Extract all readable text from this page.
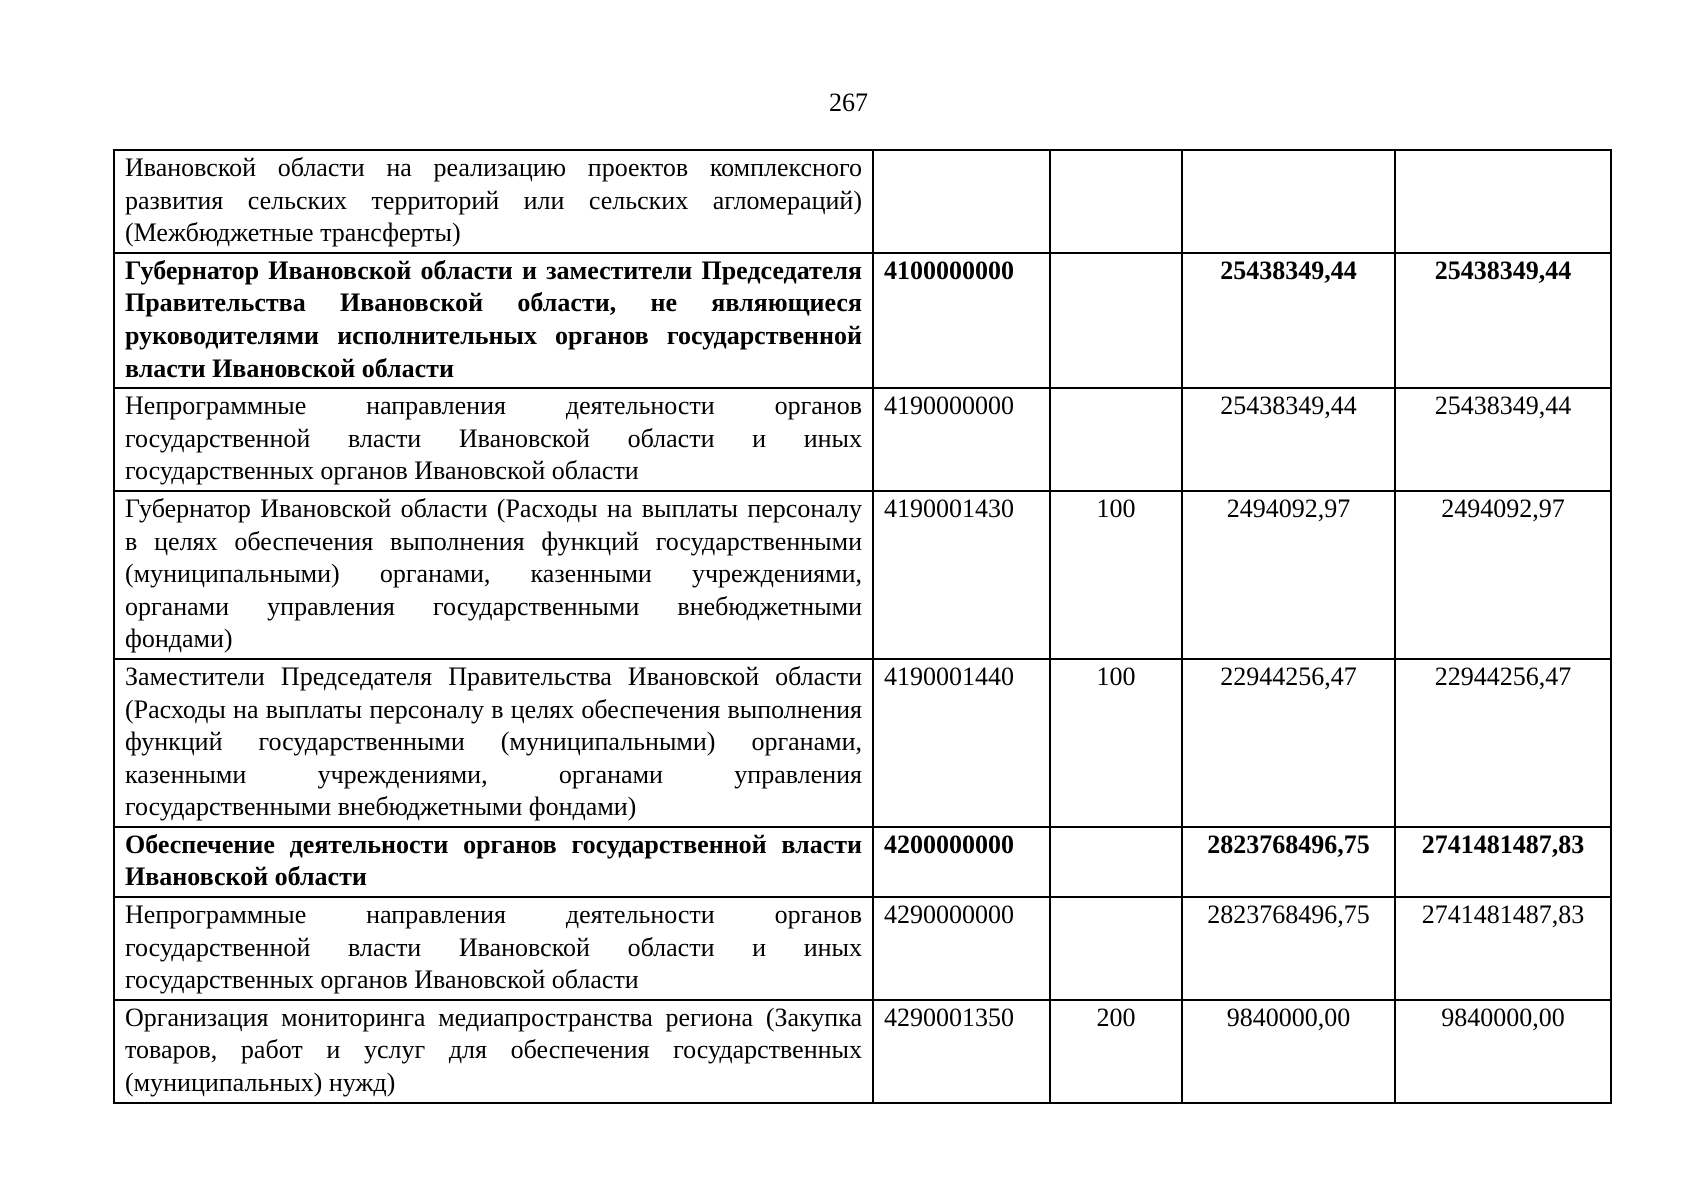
267
Ивановской области на реализацию проектов комплексного развития сельских территорий или сельских агломераций) (Межбюджетные трансферты)				
Губернатор Ивановской области и заместители Председателя Правительства Ивановской области, не являющиеся руководителями исполнительных органов государственной власти Ивановской области	4100000000		25438349,44	25438349,44
Непрограммные направления деятельности органов государственной власти Ивановской области и иных государственных органов Ивановской области	4190000000		25438349,44	25438349,44
Губернатор Ивановской области (Расходы на выплаты персоналу в целях обеспечения выполнения функций государственными (муниципальными) органами, казенными учреждениями, органами управления государственными внебюджетными фондами)	4190001430	100	2494092,97	2494092,97
Заместители Председателя Правительства Ивановской области (Расходы на выплаты персоналу в целях обеспечения выполнения функций государственными (муниципальными) органами, казенными учреждениями, органами управления государственными внебюджетными фондами)	4190001440	100	22944256,47	22944256,47
Обеспечение деятельности органов государственной власти Ивановской области	4200000000		2823768496,75	2741481487,83
Непрограммные направления деятельности органов государственной власти Ивановской области и иных государственных органов Ивановской области	4290000000		2823768496,75	2741481487,83
Организация мониторинга медиапространства региона (Закупка товаров, работ и услуг для обеспечения государственных (муниципальных) нужд)	4290001350	200	9840000,00	9840000,00
